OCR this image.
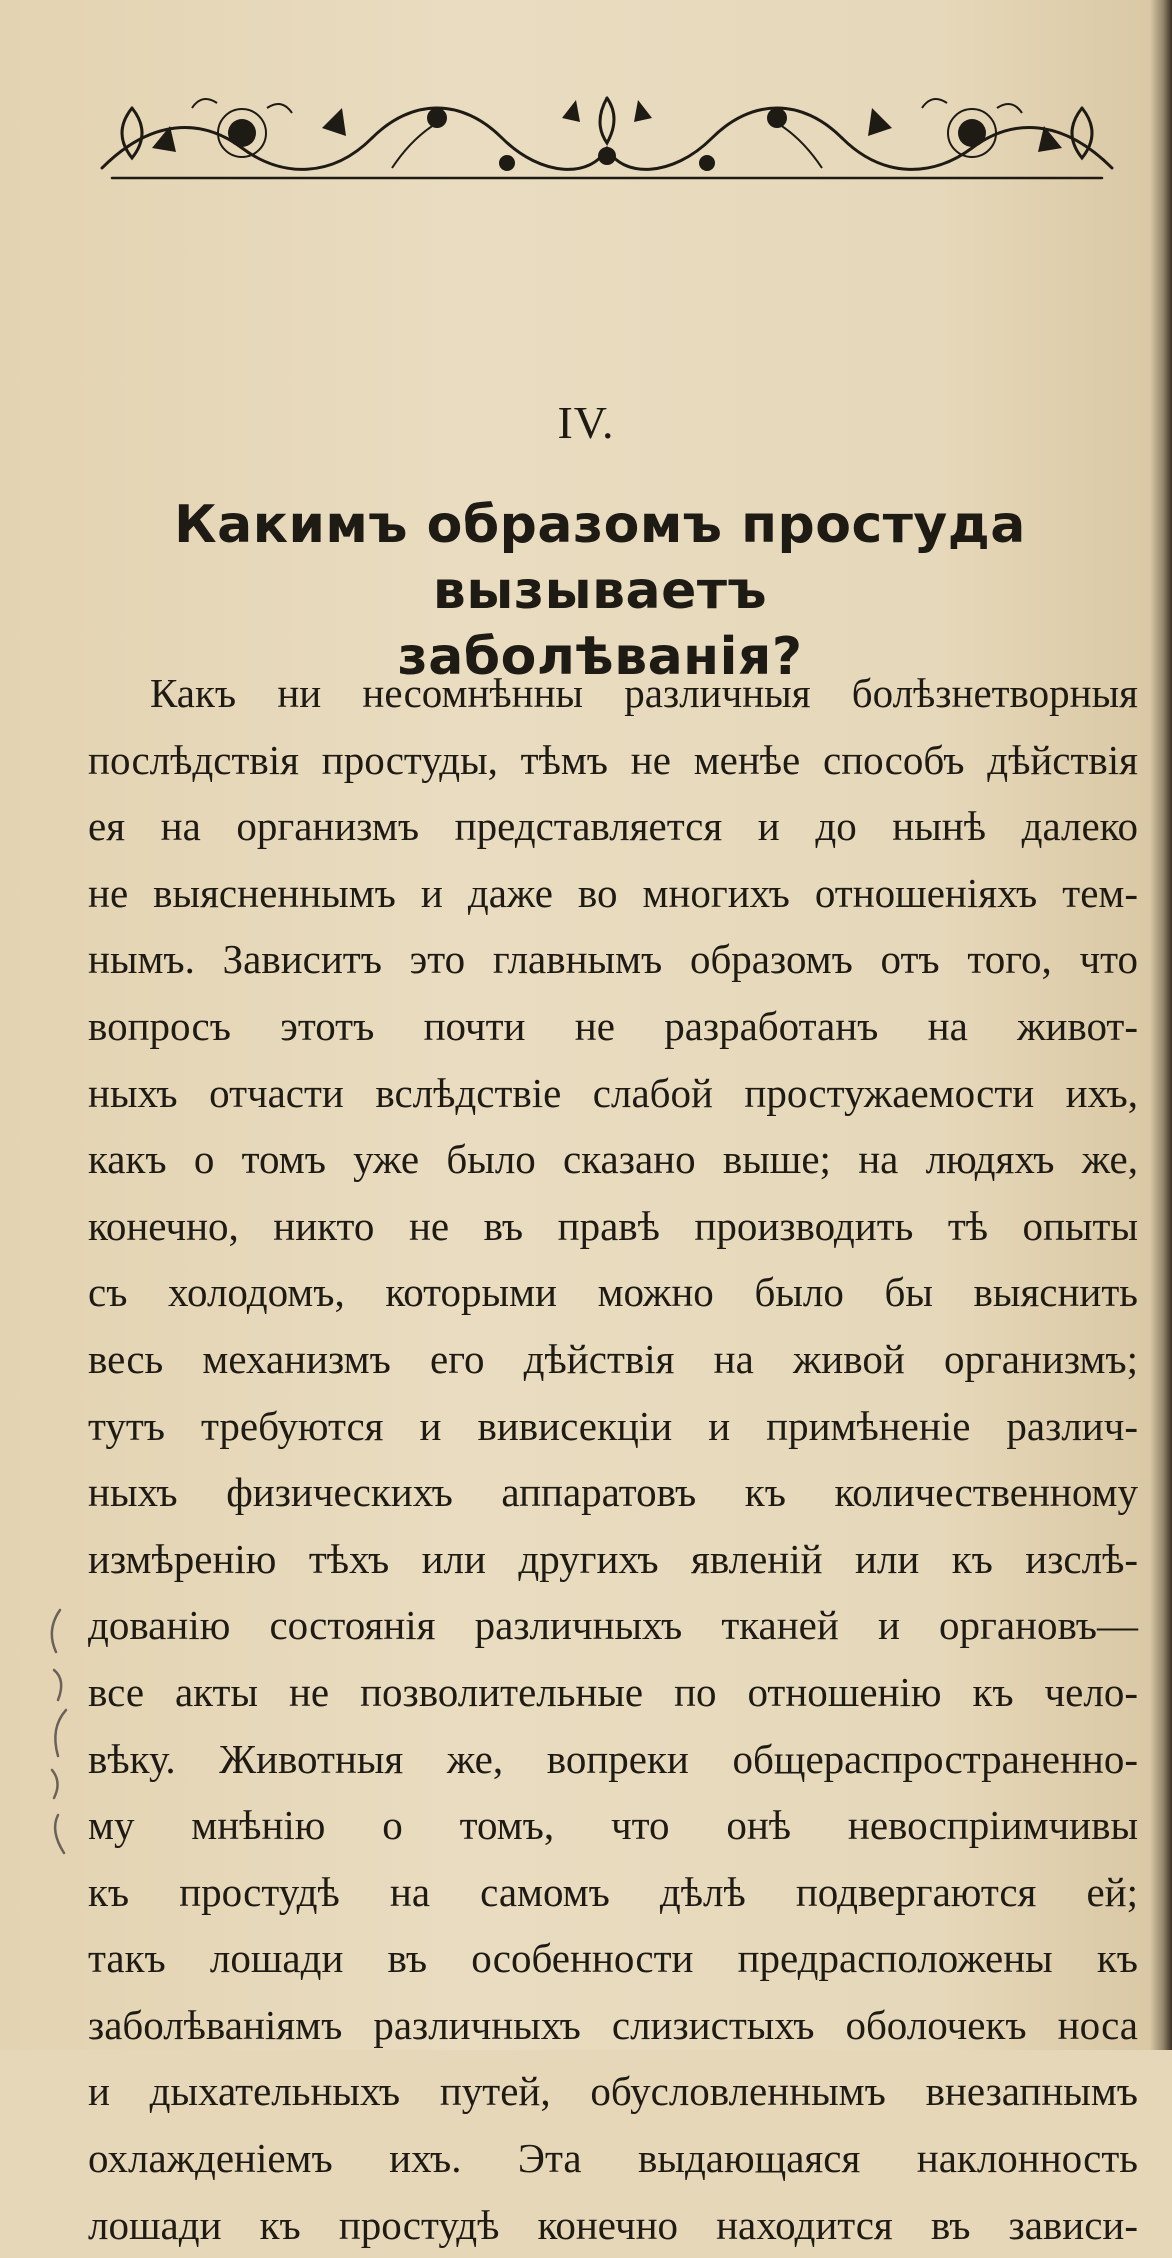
IV.
Какимъ образомъ простуда вызываетъ
заболѣванія?
Какъ ни несомнѣнны различныя болѣзнетворныя
послѣдствія простуды, тѣмъ не менѣе способъ дѣйствія
ея на организмъ представляется и до нынѣ далеко
не выясненнымъ и даже во многихъ отношеніяхъ тем-
нымъ. Зависитъ это главнымъ образомъ отъ того, что
вопросъ этотъ почти не разработанъ на живот-
ныхъ отчасти вслѣдствіе слабой простужаемости ихъ,
какъ о томъ уже было сказано выше; на людяхъ же,
конечно, никто не въ правѣ производить тѣ опыты
съ холодомъ, которыми можно было бы выяснить
весь механизмъ его дѣйствія на живой организмъ;
тутъ требуются и вивисекціи и примѣненіе различ-
ныхъ физическихъ аппаратовъ къ количественному
измѣренію тѣхъ или другихъ явленій или къ изслѣ-
дованію состоянія различныхъ тканей и органовъ—
все акты не позволительные по отношенію къ чело-
вѣку. Животныя же, вопреки общераспространенно-
му мнѣнію о томъ, что онѣ невоспріимчивы
къ простудѣ на самомъ дѣлѣ подвергаются ей;
такъ лошади въ особенности предрасположены къ
заболѣваніямъ различныхъ слизистыхъ оболочекъ носа
и дыхательныхъ путей, обусловленнымъ внезапнымъ
охлажденіемъ ихъ. Эта выдающаяся наклонность
лошади къ простудѣ конечно находится въ зависи-
